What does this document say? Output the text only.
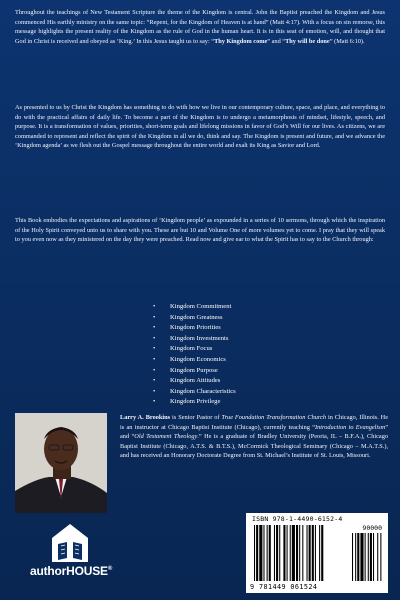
Throughout the teachings of New Testament Scripture the theme of the Kingdom is central. John the Baptist preached the Kingdom and Jesus commenced His earthly ministry on the same topic: “Repent, for the Kingdom of Heaven is at hand” (Matt 4:17). With a focus on sin remorse, this message highlights the present reality of the Kingdom as the rule of God in the human heart. It is in this seat of emotion, will, and thought that God in Christ is received and obeyed as ‘King.’ In this Jesus taught us to say: “Thy Kingdom come” and “Thy will be done” (Matt 6:10).

As presented to us by Christ the Kingdom has something to do with how we live in our contemporary culture, space, and place, and everything to do with the practical affairs of daily life. To become a part of the Kingdom is to undergo a metamorphosis of mindset, lifestyle, speech, and purpose. It is a transformation of values, priorities, short-term goals and lifelong missions in favor of God’s Will for our lives. As citizens, we are commanded to represent and reflect the spirit of the Kingdom in all we do, think and say. The Kingdom is present and future, and we advance the ‘Kingdom agenda’ as we flesh out the Gospel message throughout the entire world and exalt its King as Savior and Lord.

This Book embodies the expectations and aspirations of ‘Kingdom people’ as expounded in a series of 10 sermons, through which the inspiration of the Holy Spirit conveyed unto us to share with you. These are but 10 and Volume One of more volumes yet to come. I pray that they will speak to you even now as they ministered on the day they were preached. Read now and give ear to what the Spirit has to say to the Church through:

• Kingdom Commitment
• Kingdom Greatness
• Kingdom Priorities
• Kingdom Investments
• Kingdom Focus
• Kingdom Economics
• Kingdom Purpose
• Kingdom Attitudes
• Kingdom Characteristics
• Kingdom Privilege

Larry A. Brookins is Senior Pastor of True Foundation Transformation Church in Chicago, Illinois. He is an instructor at Chicago Baptist Institute (Chicago), currently teaching “Introduction to Evangelism” and “Old Testament Theology.” He is a graduate of Bradley University (Peoria, IL – B.F.A.), Chicago Baptist Institute (Chicago, A.T.S. & B.T.S.), McCormick Theological Seminary (Chicago – M.A.T.S.), and has received an Honorary Doctorate Degree from St. Michael’s Institute of St. Louis, Missouri.

authorHOUSE®
ISBN 978-1-4490-6152-4
90000
9 781449 061524
